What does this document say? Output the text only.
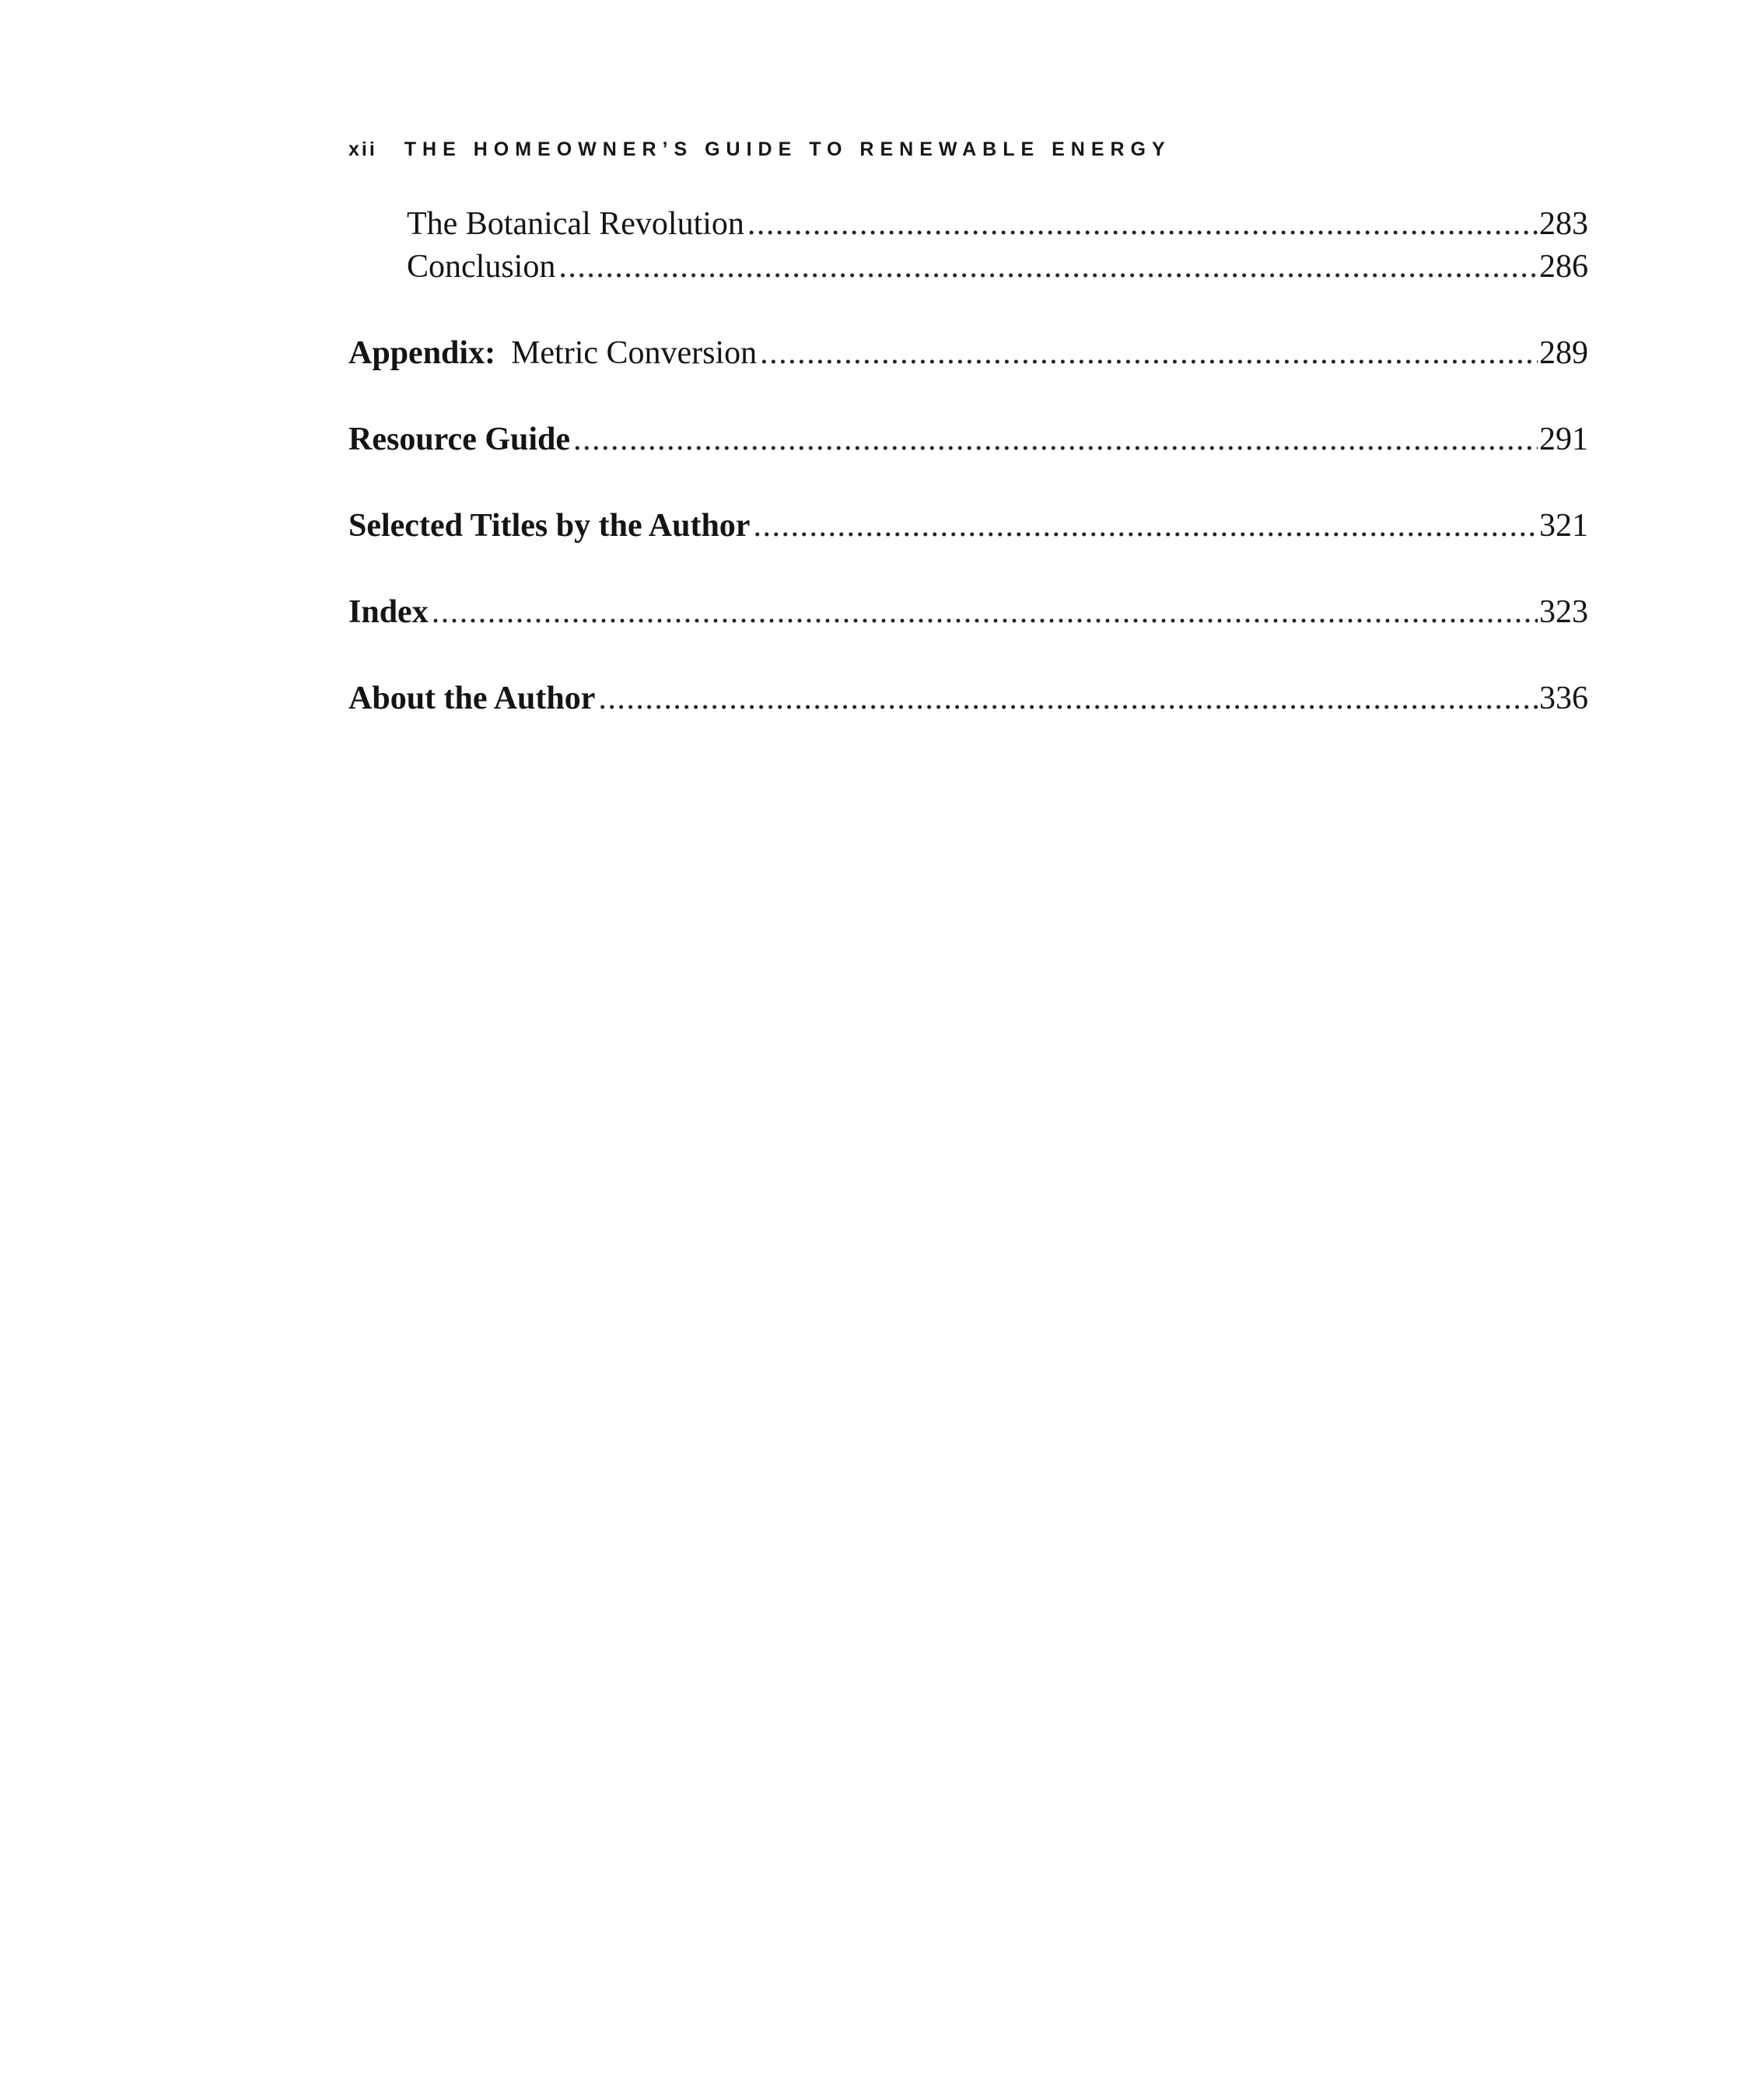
xii THE HOMEOWNER’S GUIDE TO RENEWABLE ENERGY
The Botanical Revolution .....	283
Conclusion .....	286
Appendix: Metric Conversion .....	289
Resource Guide .....	291
Selected Titles by the Author .....	321
Index .....	323
About the Author .....	336
